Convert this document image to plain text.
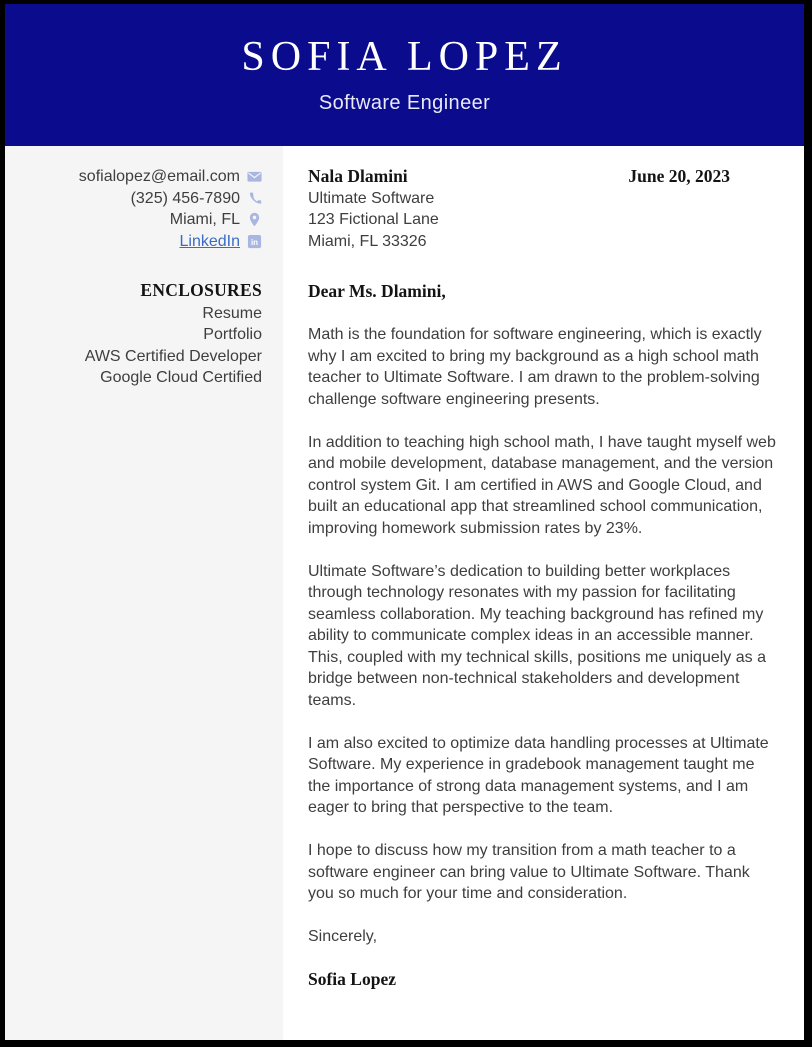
SOFIA LOPEZ
Software Engineer
sofialopez@email.com
(325) 456-7890
Miami, FL
LinkedIn in
ENCLOSURES
Resume
Portfolio
AWS Certified Developer
Google Cloud Certified
Nala Dlamini
Ultimate Software
123 Fictional Lane
Miami, FL 33326
June 20, 2023
Dear Ms. Dlamini,

Math is the foundation for software engineering, which is exactly why I am excited to bring my background as a high school math teacher to Ultimate Software. I am drawn to the problem-solving challenge software engineering presents.

In addition to teaching high school math, I have taught myself web and mobile development, database management, and the version control system Git. I am certified in AWS and Google Cloud, and built an educational app that streamlined school communication, improving homework submission rates by 23%.

Ultimate Software’s dedication to building better workplaces through technology resonates with my passion for facilitating seamless collaboration. My teaching background has refined my ability to communicate complex ideas in an accessible manner. This, coupled with my technical skills, positions me uniquely as a bridge between non-technical stakeholders and development teams.

I am also excited to optimize data handling processes at Ultimate Software. My experience in gradebook management taught me the importance of strong data management systems, and I am eager to bring that perspective to the team.

I hope to discuss how my transition from a math teacher to a software engineer can bring value to Ultimate Software. Thank you so much for your time and consideration.

Sincerely,
Sofia Lopez
